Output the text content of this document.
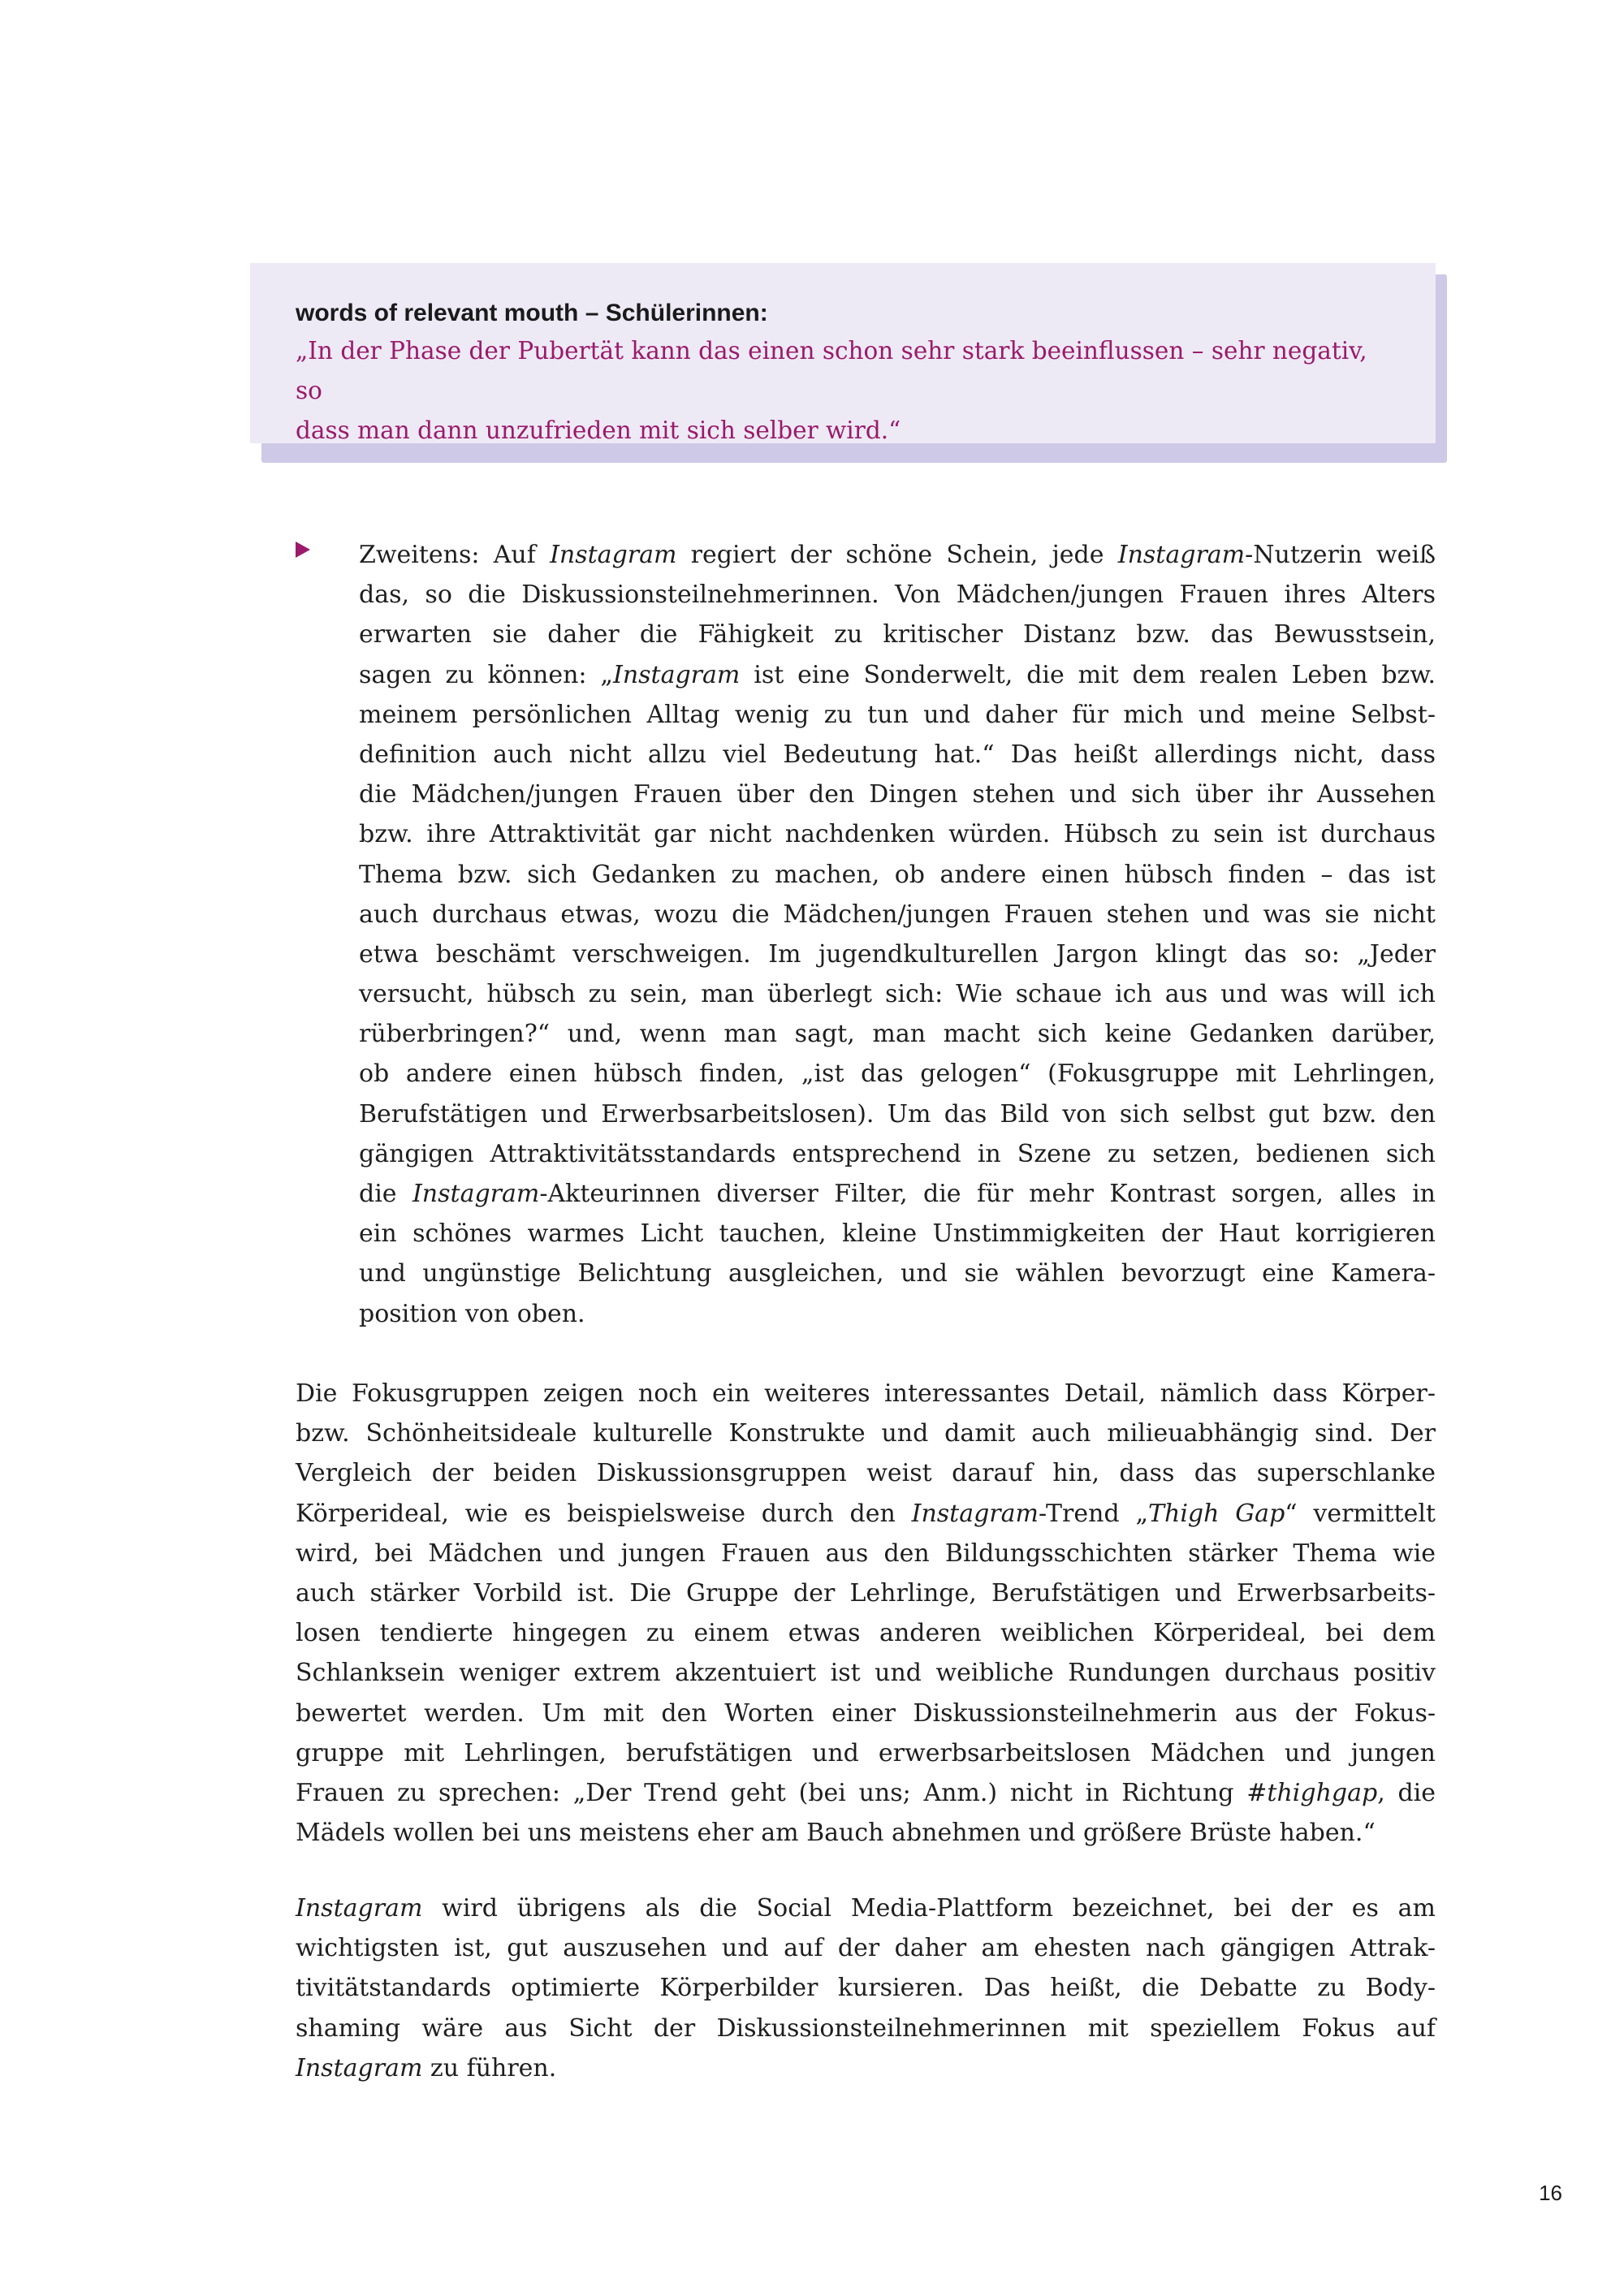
words of relevant mouth – Schülerinnen:
„In der Phase der Pubertät kann das einen schon sehr stark beeinflussen – sehr negativ, so
dass man dann unzufrieden mit sich selber wird.“

Zweitens: Auf Instagram regiert der schöne Schein, jede Instagram-Nutzerin weiß
das, so die Diskussionsteilnehmerinnen. Von Mädchen/jungen Frauen ihres Alters
erwarten sie daher die Fähigkeit zu kritischer Distanz bzw. das Bewusstsein,
sagen zu können: „Instagram ist eine Sonderwelt, die mit dem realen Leben bzw.
meinem persönlichen Alltag wenig zu tun und daher für mich und meine Selbst-
definition auch nicht allzu viel Bedeutung hat.“ Das heißt allerdings nicht, dass
die Mädchen/jungen Frauen über den Dingen stehen und sich über ihr Aussehen
bzw. ihre Attraktivität gar nicht nachdenken würden. Hübsch zu sein ist durchaus
Thema bzw. sich Gedanken zu machen, ob andere einen hübsch finden – das ist
auch durchaus etwas, wozu die Mädchen/jungen Frauen stehen und was sie nicht
etwa beschämt verschweigen. Im jugendkulturellen Jargon klingt das so: „Jeder
versucht, hübsch zu sein, man überlegt sich: Wie schaue ich aus und was will ich
rüberbringen?“ und, wenn man sagt, man macht sich keine Gedanken darüber,
ob andere einen hübsch finden, „ist das gelogen“ (Fokusgruppe mit Lehrlingen,
Berufstätigen und Erwerbsarbeitslosen). Um das Bild von sich selbst gut bzw. den
gängigen Attraktivitätsstandards entsprechend in Szene zu setzen, bedienen sich
die Instagram-Akteurinnen diverser Filter, die für mehr Kontrast sorgen, alles in
ein schönes warmes Licht tauchen, kleine Unstimmigkeiten der Haut korrigieren
und ungünstige Belichtung ausgleichen, und sie wählen bevorzugt eine Kamera-
position von oben.

Die Fokusgruppen zeigen noch ein weiteres interessantes Detail, nämlich dass Körper-
bzw. Schönheitsideale kulturelle Konstrukte und damit auch milieuabhängig sind. Der
Vergleich der beiden Diskussionsgruppen weist darauf hin, dass das superschlanke
Körperideal, wie es beispielsweise durch den Instagram-Trend „Thigh Gap“ vermittelt
wird, bei Mädchen und jungen Frauen aus den Bildungsschichten stärker Thema wie
auch stärker Vorbild ist. Die Gruppe der Lehrlinge, Berufstätigen und Erwerbsarbeits-
losen tendierte hingegen zu einem etwas anderen weiblichen Körperideal, bei dem
Schlanksein weniger extrem akzentuiert ist und weibliche Rundungen durchaus positiv
bewertet werden. Um mit den Worten einer Diskussionsteilnehmerin aus der Fokus-
gruppe mit Lehrlingen, berufstätigen und erwerbsarbeitslosen Mädchen und jungen
Frauen zu sprechen: „Der Trend geht (bei uns; Anm.) nicht in Richtung #thighgap, die
Mädels wollen bei uns meistens eher am Bauch abnehmen und größere Brüste haben.“

Instagram wird übrigens als die Social Media-Plattform bezeichnet, bei der es am
wichtigsten ist, gut auszusehen und auf der daher am ehesten nach gängigen Attrak-
tivitätstandards optimierte Körperbilder kursieren. Das heißt, die Debatte zu Body-
shaming wäre aus Sicht der Diskussionsteilnehmerinnen mit speziellem Fokus auf
Instagram zu führen.

16
